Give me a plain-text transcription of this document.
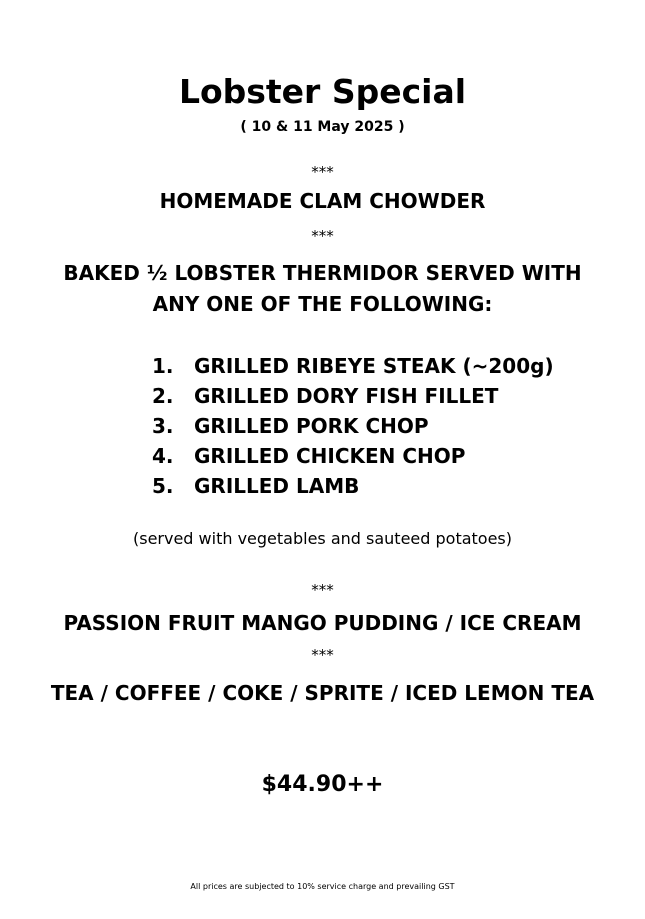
Lobster Special
( 10 & 11 May 2025 )
***
HOMEMADE CLAM CHOWDER
***
BAKED ½ LOBSTER THERMIDOR SERVED WITH
ANY ONE OF THE FOLLOWING:
1.	GRILLED RIBEYE STEAK (~200g)
2.	GRILLED DORY FISH FILLET
3.	GRILLED PORK CHOP
4.	GRILLED CHICKEN CHOP
5.	GRILLED LAMB
(served with vegetables and sauteed potatoes)
***
PASSION FRUIT MANGO PUDDING / ICE CREAM
***
TEA / COFFEE / COKE / SPRITE / ICED LEMON TEA
$44.90++
All prices are subjected to 10% service charge and prevailing GST
